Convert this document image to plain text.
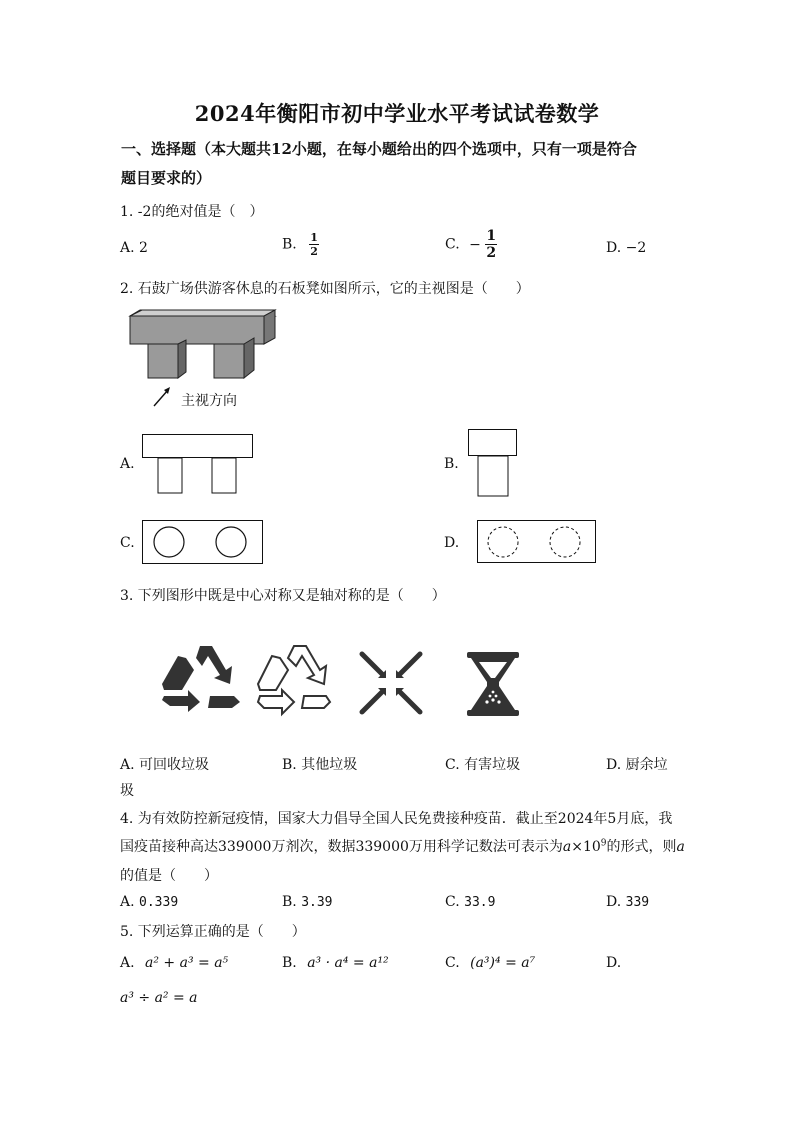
2024年衡阳市初中学业水平考试试卷数学
一、选择题（本大题共12小题，在每小题给出的四个选项中，只有一项是符合
题目要求的）
1. -2的绝对值是（　）
A. 2	B. $\frac{1}{2}$	C. − $\frac{1}{2}$	D. −2
2. 石鼓广场供游客休息的石板凳如图所示，它的主视图是（　　）
主视方向
A.	B.
C.	D.
3. 下列图形中既是中心对称又是轴对称的是（　　）
A. 可回收垃圾	B. 其他垃圾	C. 有害垃圾	D. 厨余垃
圾
4. 为有效防控新冠疫情，国家大力倡导全国人民免费接种疫苗．截止至2024年5月底，我
国疫苗接种高达339000万剂次，数据339000万用科学记数法可表示为$a\times 10^9$的形式，则a
的值是（　　）
A. 0.339	B. 3.39	C. 33.9	D. 339
5. 下列运算正确的是（　　）
A. a² + a³ = a⁵	B. a³ · a⁴ = a¹²	C. (a³)⁴ = a⁷	D.
a³ ÷ a² = a
